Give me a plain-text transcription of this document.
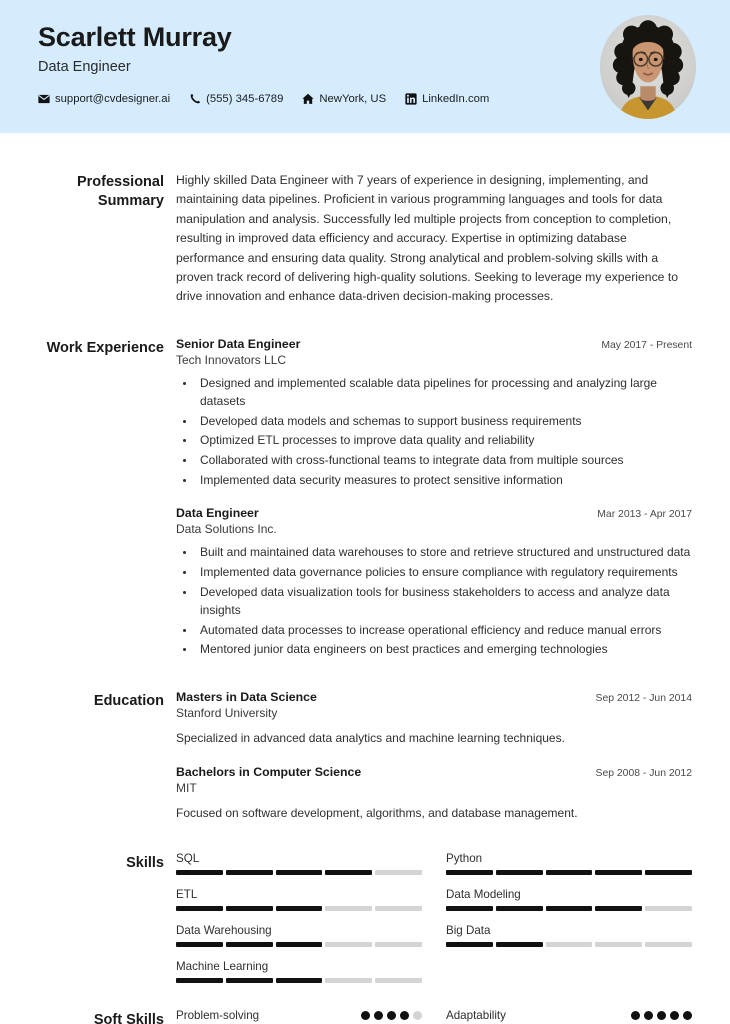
Scarlett Murray
Data Engineer
support@cvdesigner.ai	(555) 345-6789	NewYork, US	LinkedIn.com
Professional Summary
Highly skilled Data Engineer with 7 years of experience in designing, implementing, and maintaining data pipelines. Proficient in various programming languages and tools for data manipulation and analysis. Successfully led multiple projects from conception to completion, resulting in improved data efficiency and accuracy. Expertise in optimizing database performance and ensuring data quality. Strong analytical and problem-solving skills with a proven track record of delivering high-quality solutions. Seeking to leverage my experience to drive innovation and enhance data-driven decision-making processes.
Work Experience Senior Data Engineer	May 2017 - Present
Tech Innovators LLC
• Designed and implemented scalable data pipelines for processing and analyzing large datasets
• Developed data models and schemas to support business requirements
• Optimized ETL processes to improve data quality and reliability
• Collaborated with cross-functional teams to integrate data from multiple sources
• Implemented data security measures to protect sensitive information
Data Engineer	Mar 2013 - Apr 2017
Data Solutions Inc.
• Built and maintained data warehouses to store and retrieve structured and unstructured data
• Implemented data governance policies to ensure compliance with regulatory requirements
• Developed data visualization tools for business stakeholders to access and analyze data insights
• Automated data processes to increase operational efficiency and reduce manual errors
• Mentored junior data engineers on best practices and emerging technologies
Education Masters in Data Science	Sep 2012 - Jun 2014
Stanford University
Specialized in advanced data analytics and machine learning techniques.
Bachelors in Computer Science	Sep 2008 - Jun 2012
MIT
Focused on software development, algorithms, and database management.
Skills SQL	Python
ETL	Data Modeling
Data Warehousing	Big Data
Machine Learning
Soft Skills Problem-solving	Adaptability
